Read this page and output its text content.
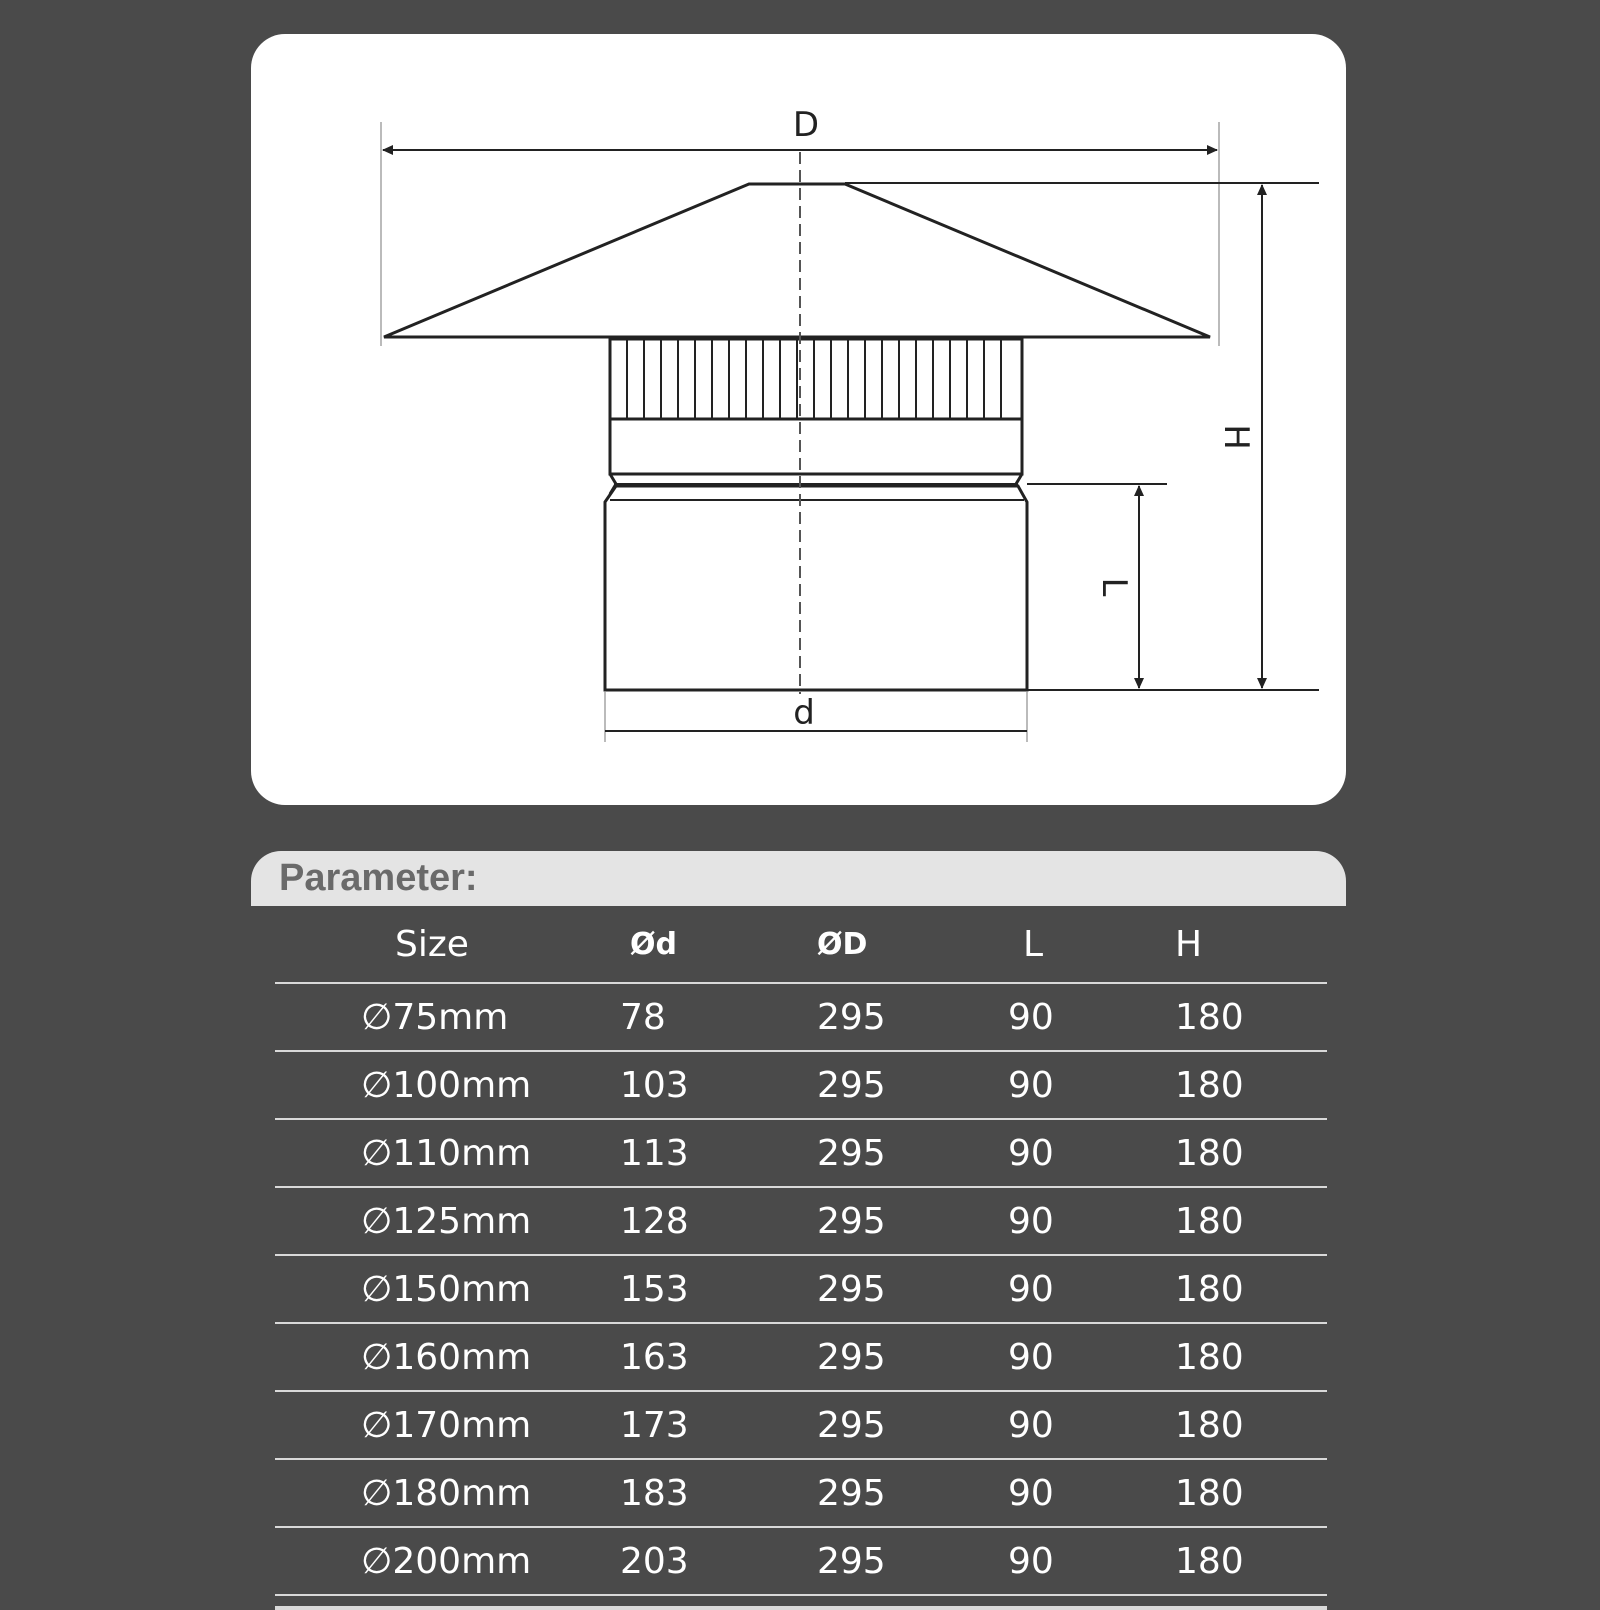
D
H
L
d

Parameter:

Size	Ød	ØD	L	H
∅75mm	78	295	90	180
∅100mm 103	295	90	180
∅110mm 113	295	90	180
∅125mm 128	295	90	180
∅150mm 153	295	90	180
∅160mm 163	295	90	180
∅170mm 173	295	90	180
∅180mm 183	295	90	180
∅200mm 203	295	90	180
